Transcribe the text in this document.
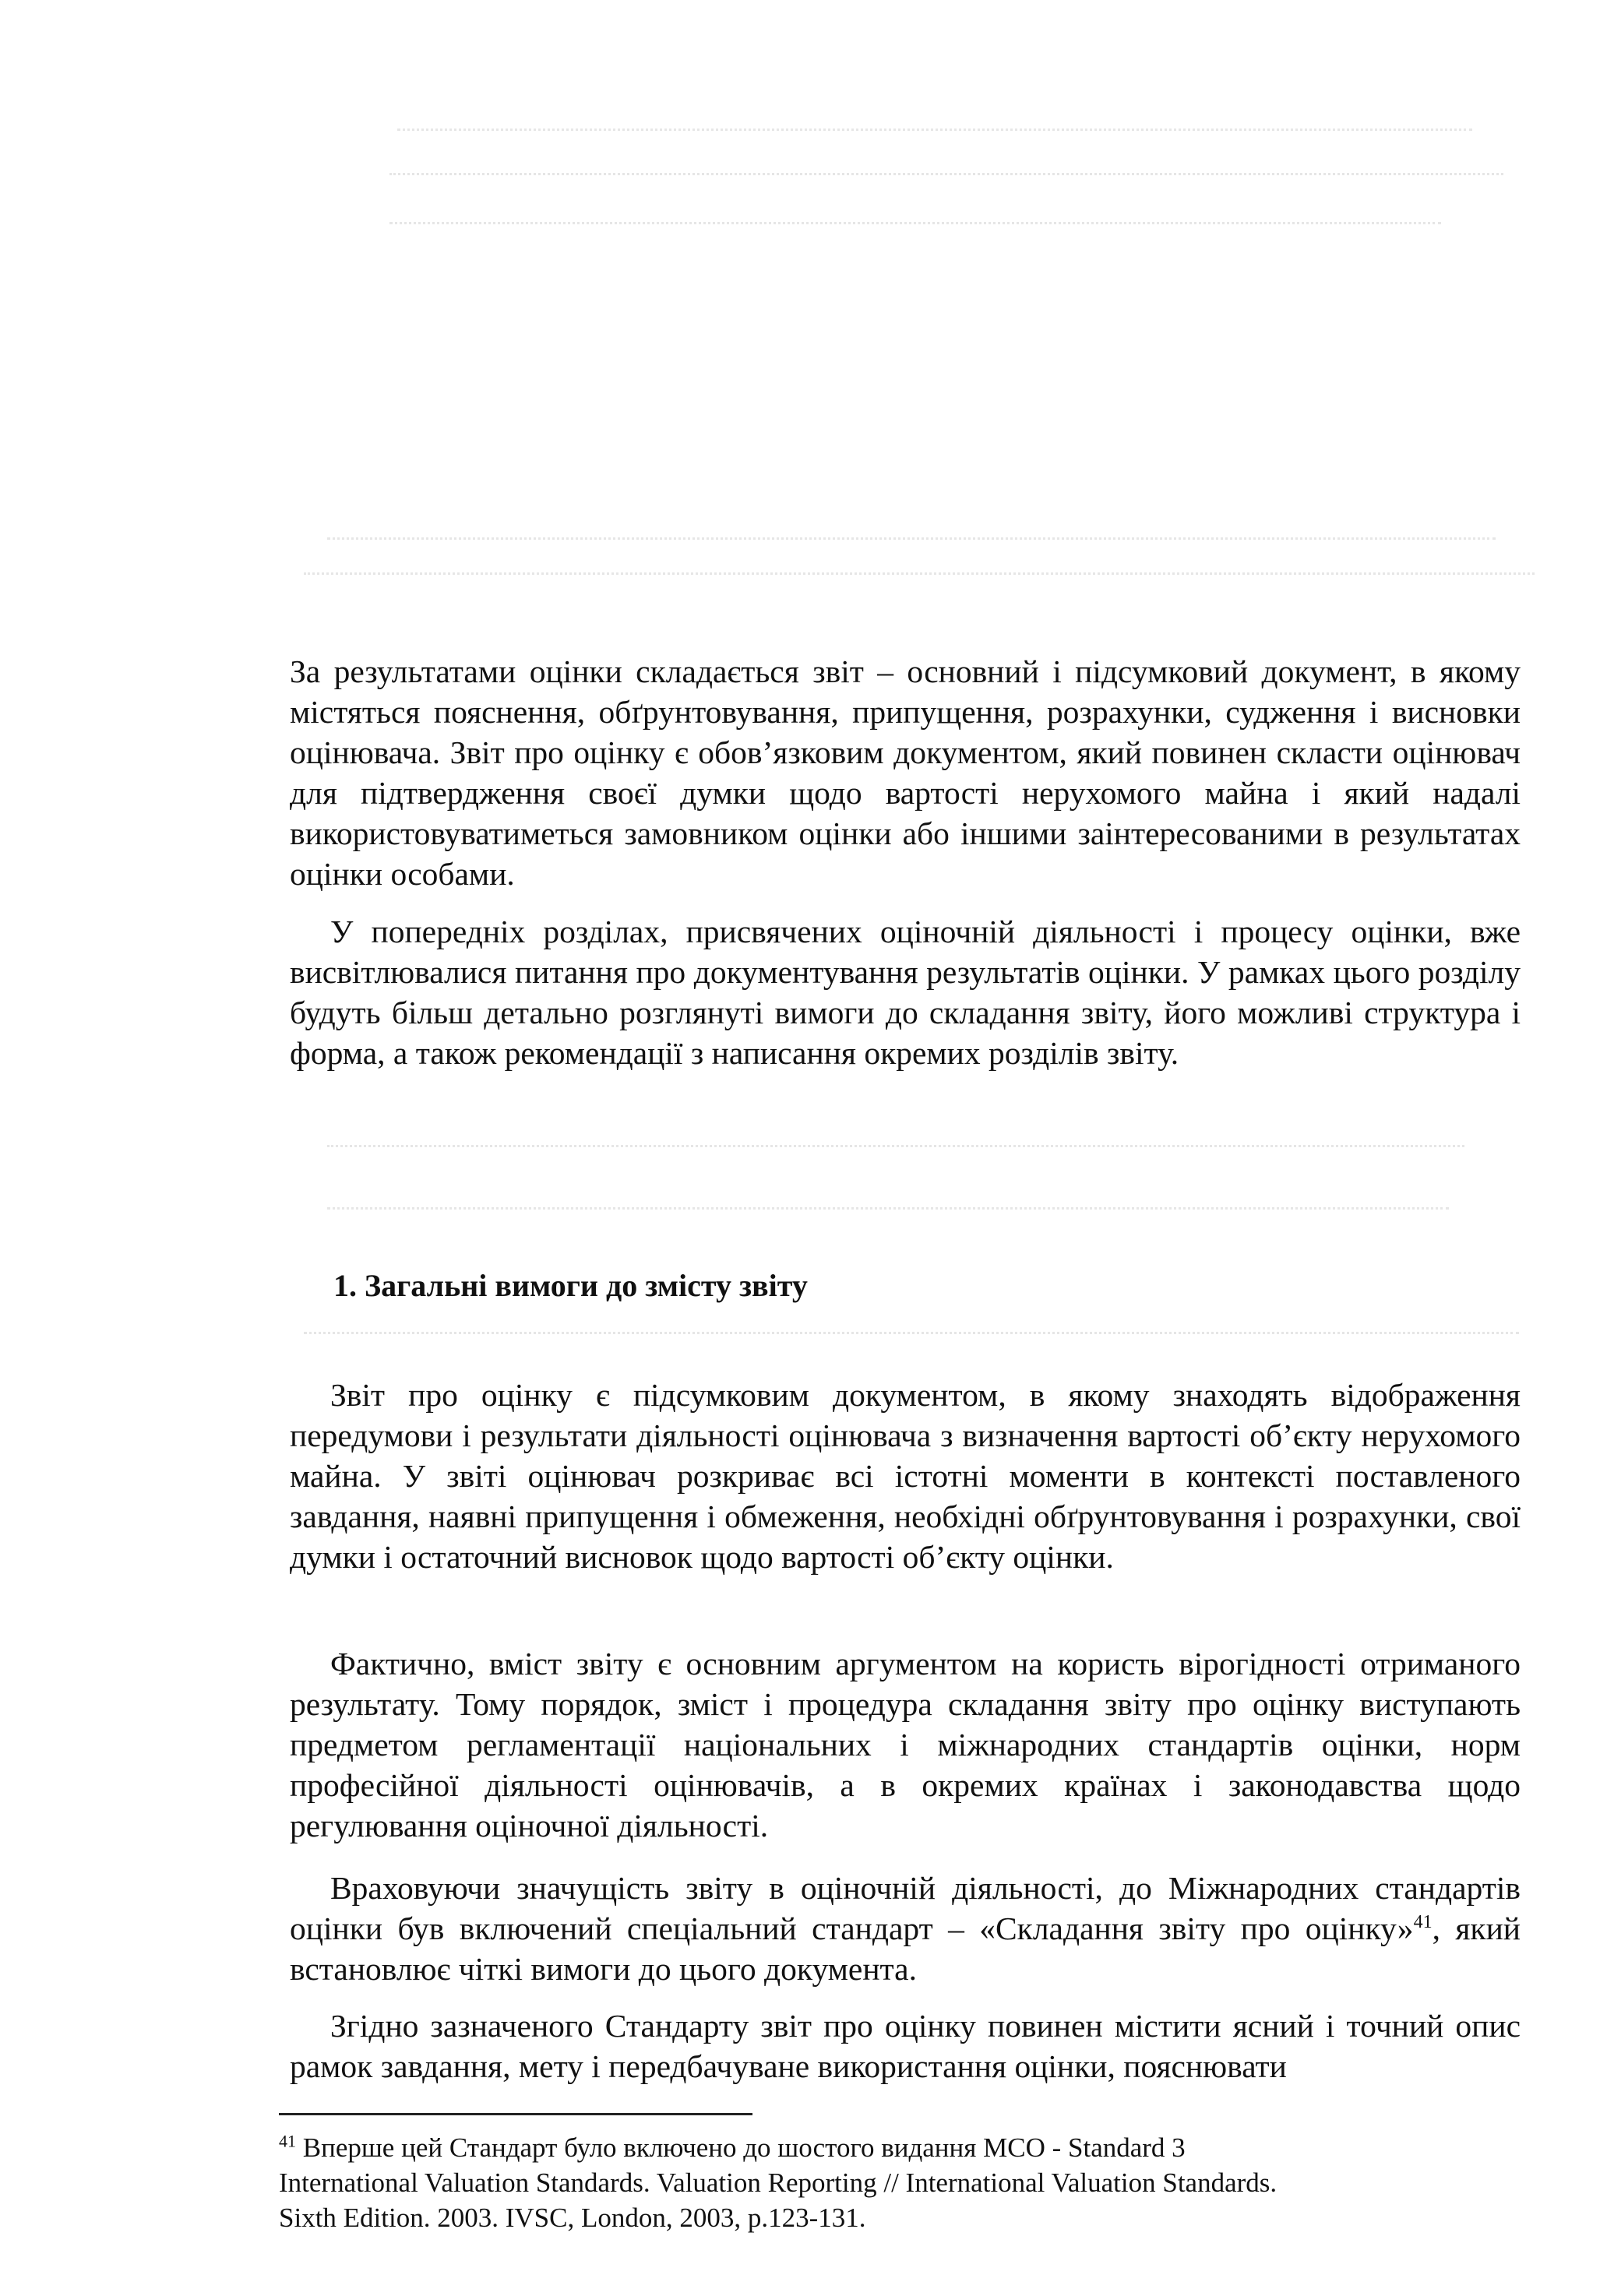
За результатами оцінки складається звіт – основний і підсумковий документ, в якому містяться пояснення, обґрунтовування, припущення, розрахунки, судження і висновки оцінювача. Звіт про оцінку є обов’язковим документом, який повинен скласти оцінювач для підтвердження своєї думки щодо вартості нерухомого майна і який надалі використовуватиметься замовником оцінки або іншими заінтересованими в результатах оцінки особами.

У попередніх розділах, присвячених оціночній діяльності і процесу оцінки, вже висвітлювалися питання про документування результатів оцінки. У рамках цього розділу будуть більш детально розглянуті вимоги до складання звіту, його можливі структура і форма, а також рекомендації з написання окремих розділів звіту.

1. Загальні вимоги до змісту звіту

Звіт про оцінку є підсумковим документом, в якому знаходять відображення передумови і результати діяльності оцінювача з визначення вартості об’єкту нерухомого майна. У звіті оцінювач розкриває всі істотні моменти в контексті поставленого завдання, наявні припущення і обмеження, необхідні обґрунтовування і розрахунки, свої думки і остаточний висновок щодо вартості об’єкту оцінки.

Фактично, вміст звіту є основним аргументом на користь вірогідності отриманого результату. Тому порядок, зміст і процедура складання звіту про оцінку виступають предметом регламентації національних і міжнародних стандартів оцінки, норм професійної діяльності оцінювачів, а в окремих країнах і законодавства щодо регулювання оціночної діяльності.

Враховуючи значущість звіту в оціночній діяльності, до Міжнародних стандартів оцінки був включений спеціальний стандарт – «Складання звіту про оцінку»$^{41}$, який встановлює чіткі вимоги до цього документа.

Згідно зазначеного Стандарту звіт про оцінку повинен містити ясний і точний опис рамок завдання, мету і передбачуване використання оцінки, пояснювати

$^{41}$ Вперше цей Стандарт було включено до шостого видання МСО - Standard 3
International Valuation Standards. Valuation Reporting // International Valuation Standards.
Sixth Edition. 2003. IVSC, London, 2003, p.123-131.
